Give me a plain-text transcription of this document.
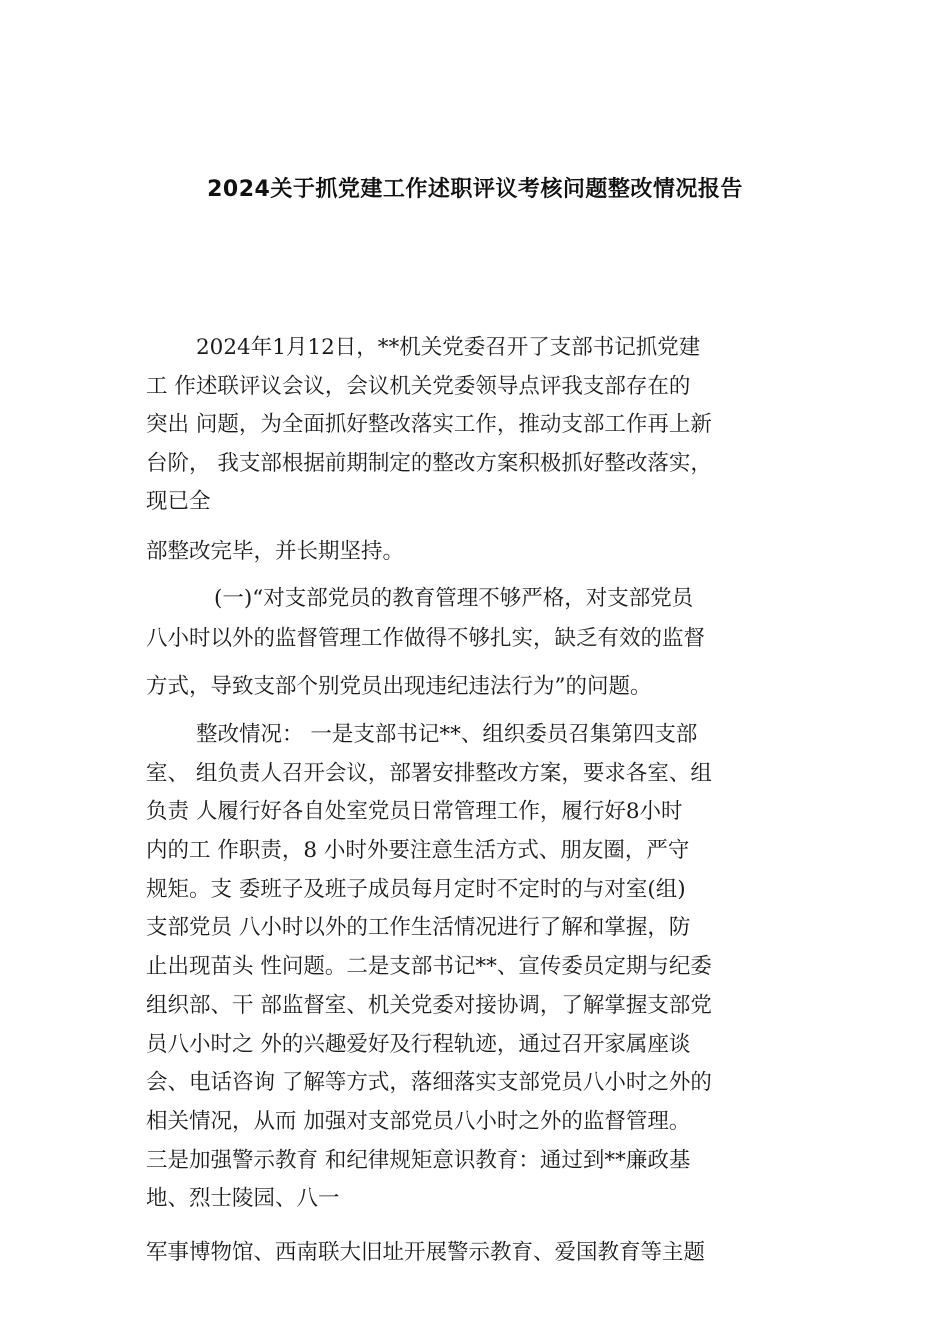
2024关于抓党建工作述职评议考核问题整改情况报告
2024年1月12日，**机关党委召开了支部书记抓党建
工 作述联评议会议，会议机关党委领导点评我支部存在的
突出 问题，为全面抓好整改落实工作，推动支部工作再上新
台阶， 我支部根据前期制定的整改方案积极抓好整改落实，
现已全
部整改完毕，并长期坚持。
(一)“对支部党员的教育管理不够严格，对支部党员
八小时以外的监督管理工作做得不够扎实，缺乏有效的监督
方式，导致支部个别党员出现违纪违法行为”的问题。
整改情况： 一是支部书记**、组织委员召集第四支部
室、 组负责人召开会议，部署安排整改方案，要求各室、组
负责 人履行好各自处室党员日常管理工作，履行好8小时
内的工 作职责，8 小时外要注意生活方式、朋友圈，严守
规矩。支 委班子及班子成员每月定时不定时的与对室(组)
支部党员 八小时以外的工作生活情况进行了解和掌握，防
止出现苗头 性问题。二是支部书记**、宣传委员定期与纪委
组织部、干 部监督室、机关党委对接协调，了解掌握支部党
员八小时之 外的兴趣爱好及行程轨迹，通过召开家属座谈
会、电话咨询 了解等方式，落细落实支部党员八小时之外的
相关情况，从而 加强对支部党员八小时之外的监督管理。
三是加强警示教育 和纪律规矩意识教育：通过到**廉政基
地、烈士陵园、八一
军事博物馆、西南联大旧址开展警示教育、爱国教育等主题
